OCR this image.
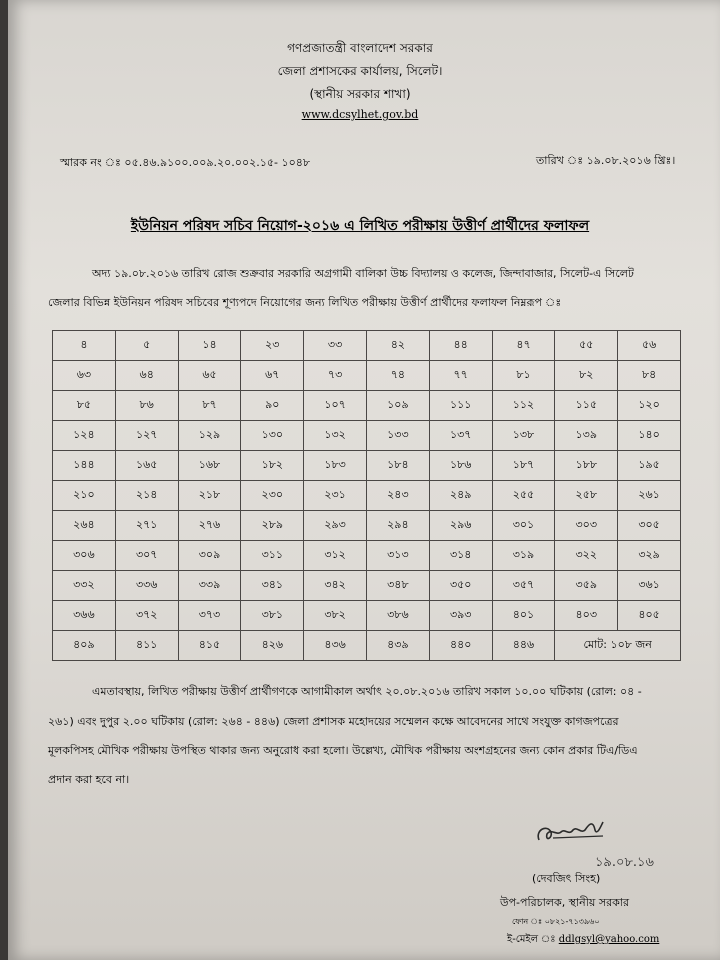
গণপ্রজাতন্ত্রী বাংলাদেশ সরকার
জেলা প্রশাসকের কার্যালয়, সিলেট।
(স্থানীয় সরকার শাখা)
www.dcsylhet.gov.bd
স্মারক নং ঃ ০৫.৪৬.৯১০০.০০৯.২০.০০২.১৫- ১০৪৮	তারিখ ঃ ১৯.০৮.২০১৬ খ্রিঃ।
ইউনিয়ন পরিষদ সচিব নিয়োগ-২০১৬ এ লিখিত পরীক্ষায় উত্তীর্ণ প্রার্থীদের ফলাফল
অদ্য ১৯.০৮.২০১৬ তারিখ রোজ শুক্রবার সরকারি অগ্রগামী বালিকা উচ্চ বিদ্যালয় ও কলেজ, জিন্দাবাজার, সিলেট-এ সিলেট
জেলার বিভিন্ন ইউনিয়ন পরিষদ সচিবের শূণ্যপদে নিয়োগের জন্য লিখিত পরীক্ষায় উত্তীর্ণ প্রার্থীদের ফলাফল নিম্নরূপ ঃ
৪	৫	১৪	২৩	৩৩	৪২	৪৪	৪৭	৫৫	৫৬
৬৩	৬৪	৬৫	৬৭	৭৩	৭৪	৭৭	৮১	৮২	৮৪
৮৫	৮৬	৮৭	৯০	১০৭	১০৯	১১১	১১২	১১৫	১২০
১২৪	১২৭	১২৯	১৩০	১৩২	১৩৩	১৩৭	১৩৮	১৩৯	১৪০
১৪৪	১৬৫	১৬৮	১৮২	১৮৩	১৮৪	১৮৬	১৮৭	১৮৮	১৯৫
২১০	২১৪	২১৮	২৩০	২৩১	২৪৩	২৪৯	২৫৫	২৫৮	২৬১
২৬৪	২৭১	২৭৬	২৮৯	২৯৩	২৯৪	২৯৬	৩০১	৩০৩	৩০৫
৩০৬	৩০৭	৩০৯	৩১১	৩১২	৩১৩	৩১৪	৩১৯	৩২২	৩২৯
৩৩২	৩৩৬	৩৩৯	৩৪১	৩৪২	৩৪৮	৩৫০	৩৫৭	৩৫৯	৩৬১
৩৬৬	৩৭২	৩৭৩	৩৮১	৩৮২	৩৮৬	৩৯৩	৪০১	৪০৩	৪০৫
৪০৯	৪১১	৪১৫	৪২৬	৪৩৬	৪৩৯	৪৪০	৪৪৬	মোট: ১০৮ জন	
এমতাবস্থায়, লিখিত পরীক্ষায় উত্তীর্ণ প্রার্থীগণকে আগামীকাল অর্থাৎ ২০.০৮.২০১৬ তারিখ সকাল ১০.০০ ঘটিকায় (রোল: ০৪ -
২৬১) এবং দুপুর ২.০০ ঘটিকায় (রোল: ২৬৪ - ৪৪৬) জেলা প্রশাসক মহোদয়ের সম্মেলন কক্ষে আবেদনের সাথে সংযুক্ত কাগজপত্রের
মূলকপিসহ মৌখিক পরীক্ষায় উপস্থিত থাকার জন্য অনুরোধ করা হলো। উল্লেখ্য, মৌখিক পরীক্ষায় অংশগ্রহনের জন্য কোন প্রকার টিএ/ডিএ
প্রদান করা হবে না।
১৯.০৮.১৬
(দেবজিৎ সিংহ)
উপ-পরিচালক, স্থানীয় সরকার
ফোন ঃ ০৮২১-৭১৩৯৬০
ই-মেইল ঃ ddlgsyl@yahoo.com
